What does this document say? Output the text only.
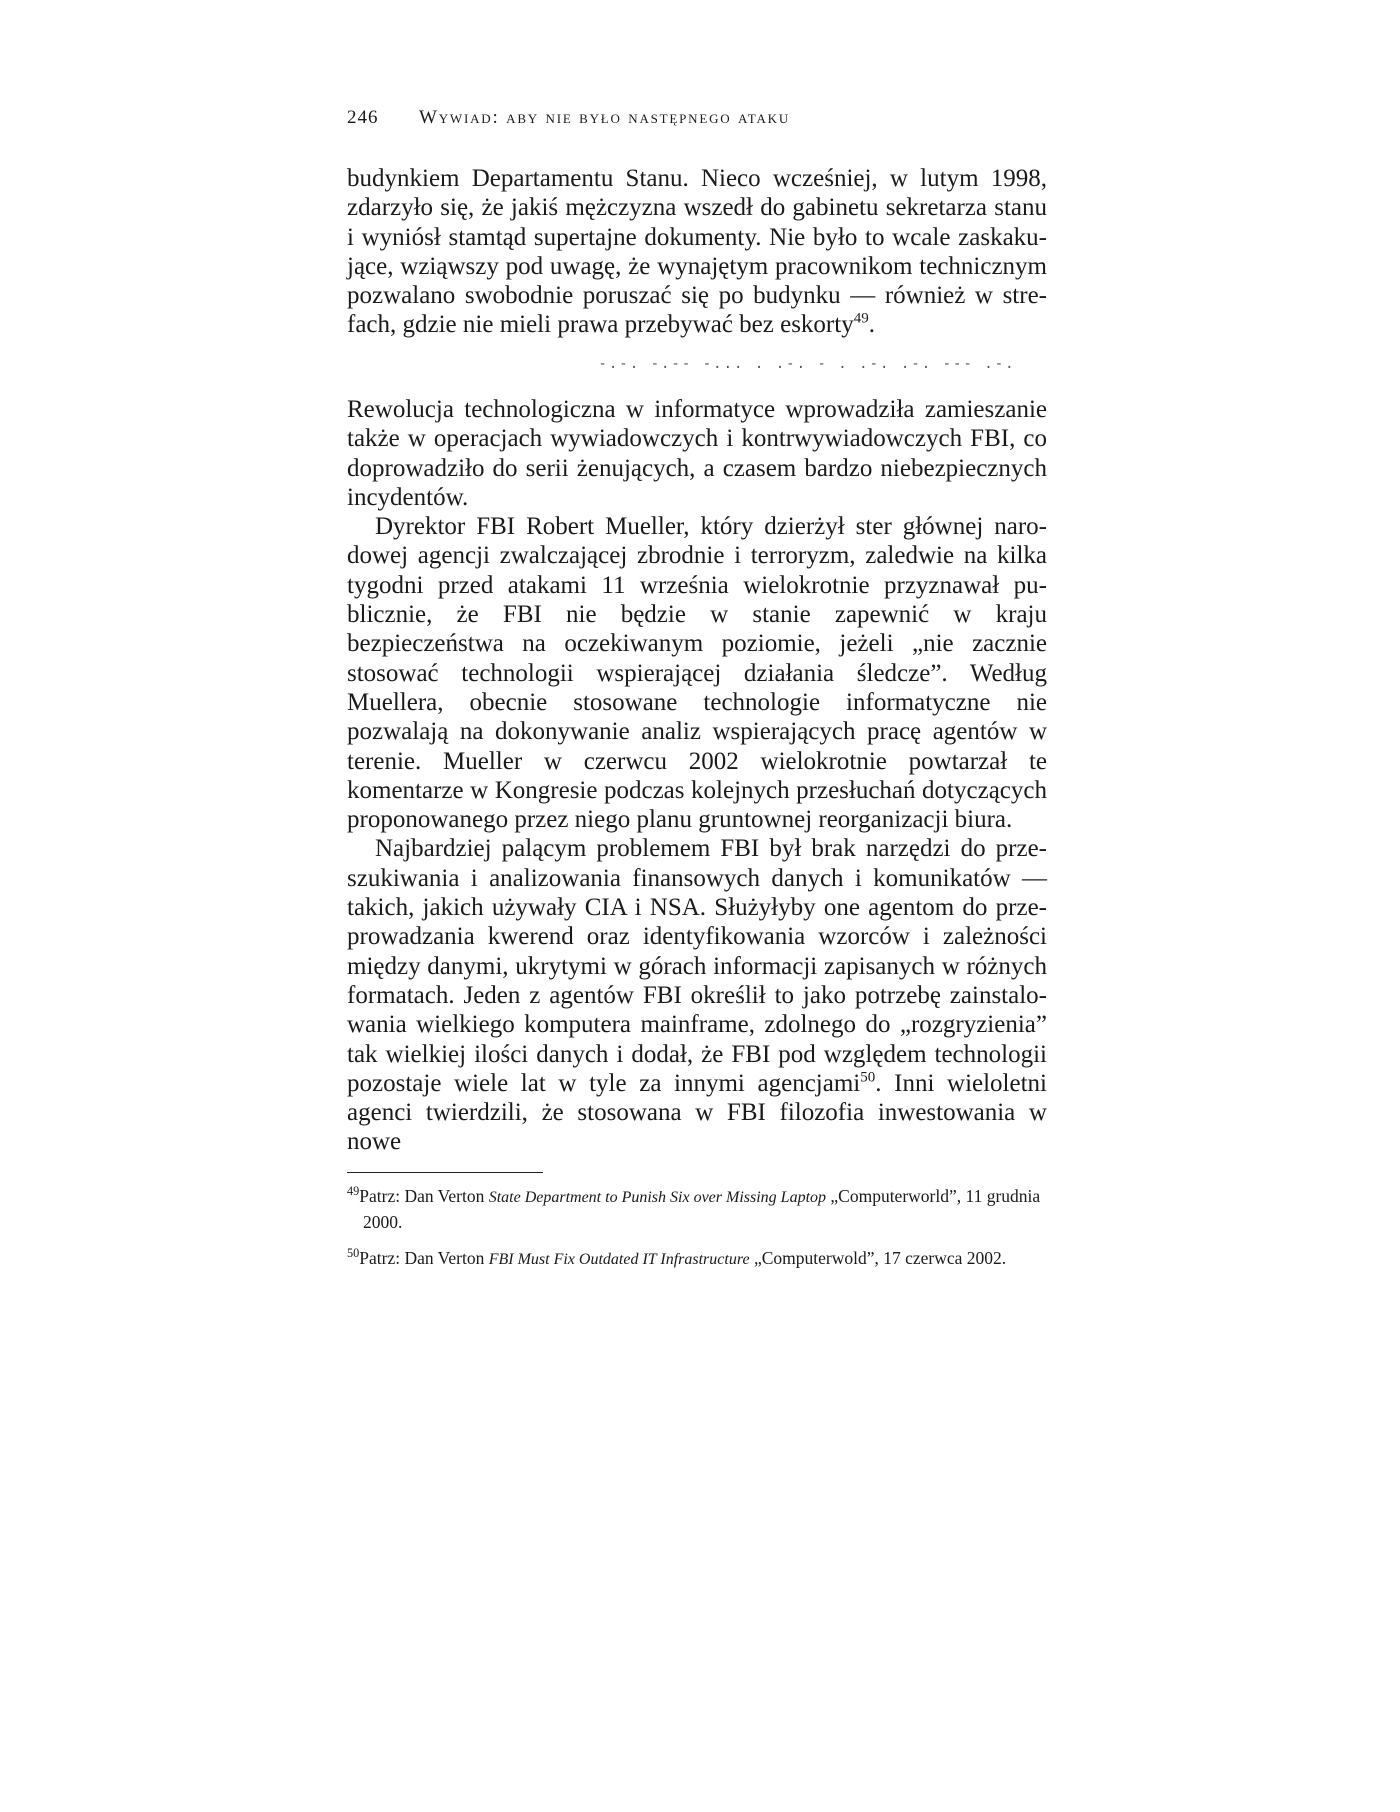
246 Wywiad: aby nie było następnego ataku

budynkiem Departamentu Stanu. Nieco wcześniej, w lutym 1998, zdarzyło się, że jakiś mężczyzna wszedł do gabinetu sekretarza stanu i wyniósł stamtąd supertajne dokumenty. Nie było to wcale zaskakujące, wziąwszy pod uwagę, że wynajętym pracownikom technicznym pozwalano swobodnie poruszać się po budynku — również w strefach, gdzie nie mieli prawa przebywać bez eskorty$^{49}$.

-.-. -.-- -... . .-. - . .-. .-. --- .-.

Rewolucja technologiczna w informatyce wprowadziła zamieszanie także w operacjach wywiadowczych i kontrwywiadowczych FBI, co doprowadziło do serii żenujących, a czasem bardzo niebezpiecznych incydentów.

Dyrektor FBI Robert Mueller, który dzierżył ster głównej narodowej agencji zwalczającej zbrodnie i terroryzm, zaledwie na kilka tygodni przed atakami 11 września wielokrotnie przyznawał publicznie, że FBI nie będzie w stanie zapewnić w kraju bezpieczeństwa na oczekiwanym poziomie, jeżeli „nie zacznie stosować technologii wspierającej działania śledcze”. Według Muellera, obecnie stosowane technologie informatyczne nie pozwalają na dokonywanie analiz wspierających pracę agentów w terenie. Mueller w czerwcu 2002 wielokrotnie powtarzał te komentarze w Kongresie podczas kolejnych przesłuchań dotyczących proponowanego przez niego planu gruntownej reorganizacji biura.

Najbardziej palącym problemem FBI był brak narzędzi do przeszukiwania i analizowania finansowych danych i komunikatów — takich, jakich używały CIA i NSA. Służyłyby one agentom do przeprowadzania kwerend oraz identyfikowania wzorców i zależności między danymi, ukrytymi w górach informacji zapisanych w różnych formatach. Jeden z agentów FBI określił to jako potrzebę zainstalowania wielkiego komputera mainframe, zdolnego do „rozgryzienia” tak wielkiej ilości danych i dodał, że FBI pod względem technologii pozostaje wiele lat w tyle za innymi agencjami$^{50}$. Inni wieloletni agenci twierdzili, że stosowana w FBI filozofia inwestowania w nowe

$^{49}$Patrz: Dan Verton State Department to Punish Six over Missing Laptop „Computerworld”, 11 grudnia 2000.

$^{50}$Patrz: Dan Verton FBI Must Fix Outdated IT Infrastructure „Computerwold”, 17 czerwca 2002.
